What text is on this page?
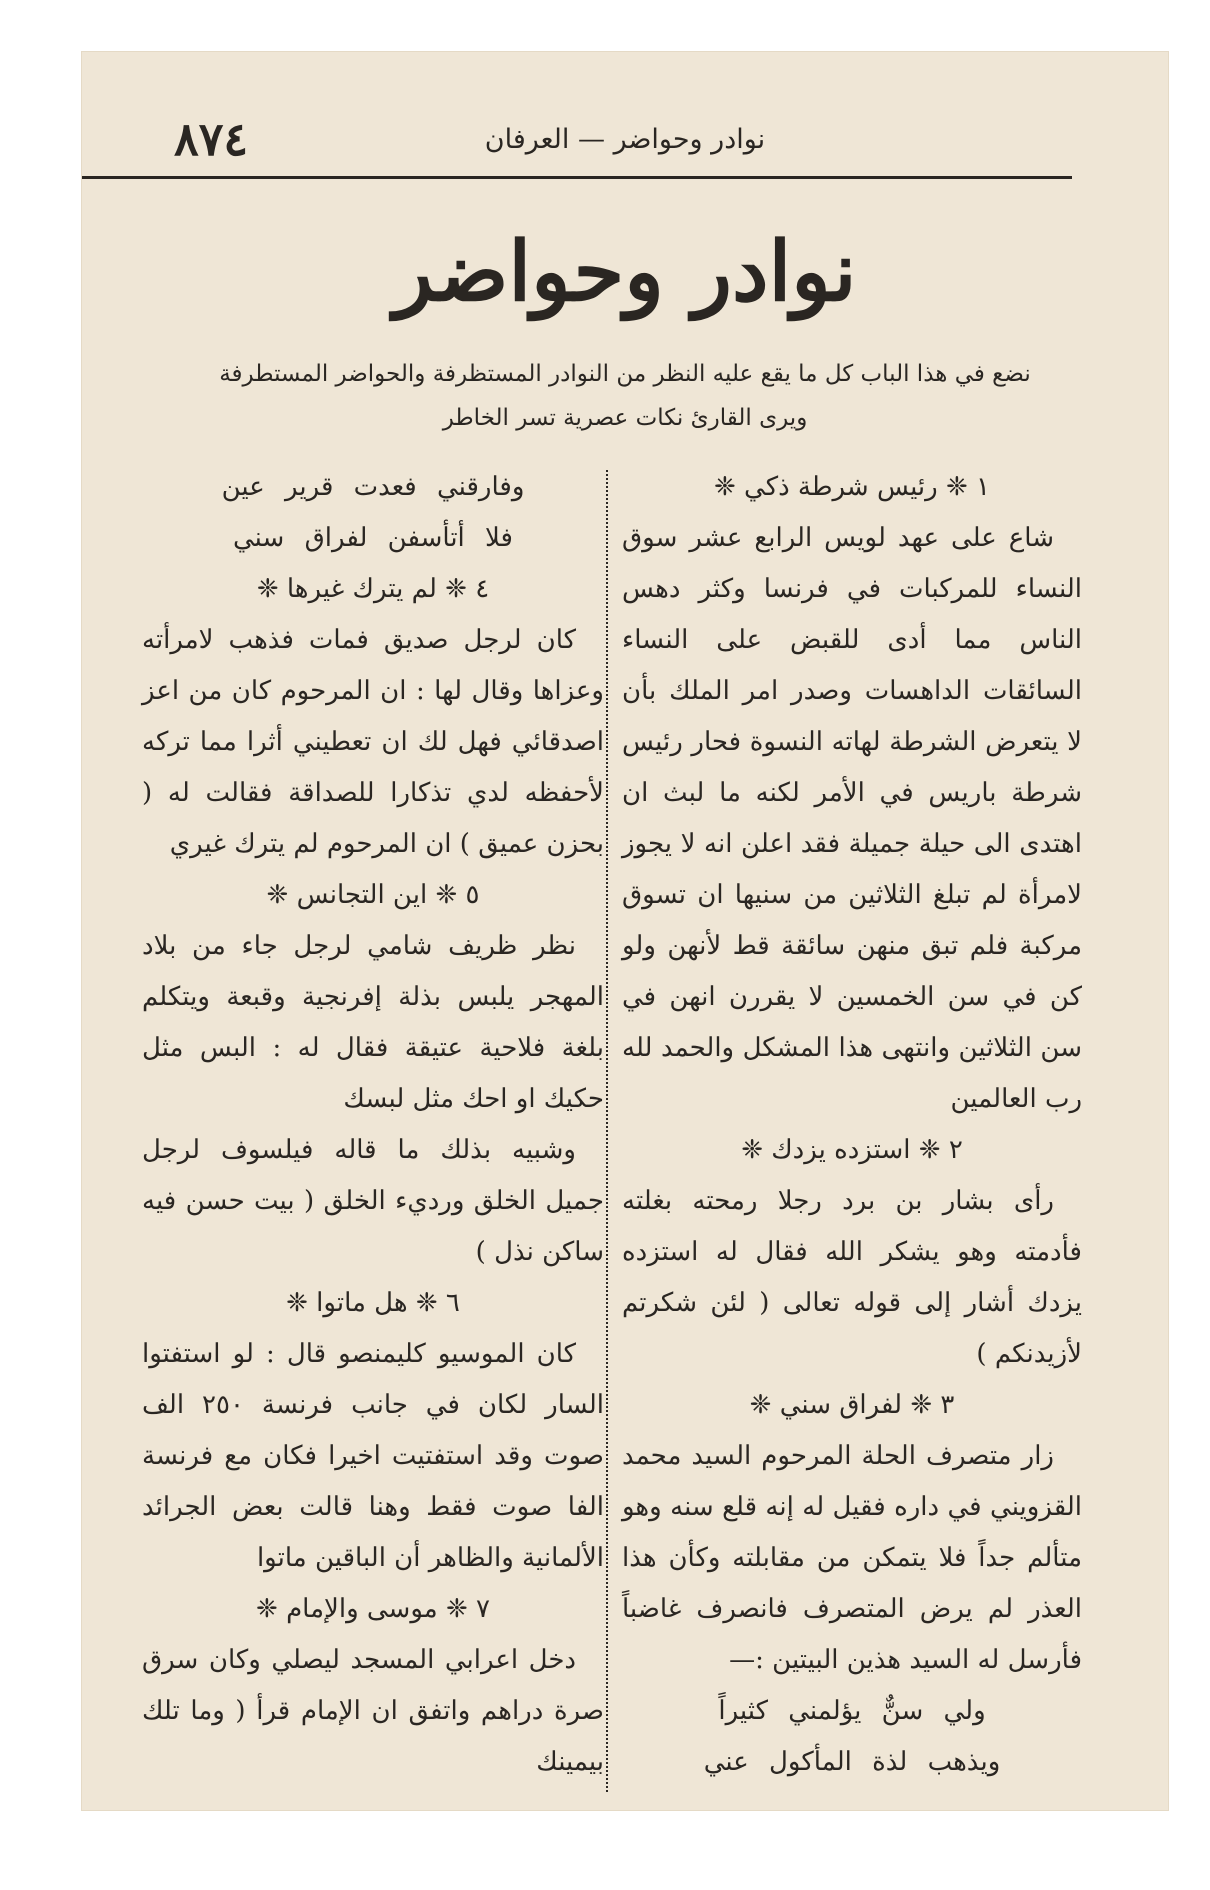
٨٧٤	نوادر وحواضر — العرفان
نوادر وحواضر
نضع في هذا الباب كل ما يقع عليه النظر من النوادر المستظرفة والحواضر المستطرفة
ويرى القارئ نكات عصرية تسر الخاطر
١ ❈ رئيس شرطة ذكي ❈

شاع على عهد لويس الرابع عشر سوق النساء للمركبات في فرنسا وكثر دهس الناس مما أدى للقبض على النساء السائقات الداهسات وصدر امر الملك بأن لا يتعرض الشرطة لهاته النسوة فحار رئيس شرطة باريس في الأمر لكنه ما لبث ان اهتدى الى حيلة جميلة فقد اعلن انه لا يجوز لامرأة لم تبلغ الثلاثين من سنيها ان تسوق مركبة فلم تبق منهن سائقة قط لأنهن ولو كن في سن الخمسين لا يقررن انهن في سن الثلاثين وانتهى هذا المشكل والحمد لله رب العالمين

٢ ❈ استزده يزدك ❈

رأى بشار بن برد رجلا رمحته بغلته فأدمته وهو يشكر الله فقال له استزده يزدك أشار إلى قوله تعالى ( لئن شكرتم لأزيدنكم )

٣ ❈ لفراق سني ❈

زار متصرف الحلة المرحوم السيد محمد القزويني في داره فقيل له إنه قلع سنه وهو متألم جداً فلا يتمكن من مقابلته وكأن هذا العذر لم يرض المتصرف فانصرف غاضباً فأرسل له السيد هذين البيتين :—

ولي سنٌّ يؤلمني كثيراً
ويذهب لذة المأكول عني
وفارقني فعدت قرير عين
فلا أتأسفن لفراق سني
٤ ❈ لم يترك غيرها ❈

كان لرجل صديق فمات فذهب لامرأته وعزاها وقال لها : ان المرحوم كان من اعز اصدقائي فهل لك ان تعطيني أثرا مما تركه لأحفظه لدي تذكارا للصداقة فقالت له ( بحزن عميق ) ان المرحوم لم يترك غيري

٥ ❈ اين التجانس ❈

نظر ظريف شامي لرجل جاء من بلاد المهجر يلبس بذلة إفرنجية وقبعة ويتكلم بلغة فلاحية عتيقة فقال له : البس مثل حكيك او احك مثل لبسك

وشبيه بذلك ما قاله فيلسوف لرجل جميل الخلق ورديء الخلق ( بيت حسن فيه ساكن نذل )

٦ ❈ هل ماتوا ❈

كان الموسيو كليمنصو قال : لو استفتوا السار لكان في جانب فرنسة ٢٥٠ الف صوت وقد استفتيت اخيرا فكان مع فرنسة الفا صوت فقط وهنا قالت بعض الجرائد الألمانية والظاهر أن الباقين ماتوا

٧ ❈ موسى والإمام ❈

دخل اعرابي المسجد ليصلي وكان سرق صرة دراهم واتفق ان الإمام قرأ ( وما تلك بيمينك
